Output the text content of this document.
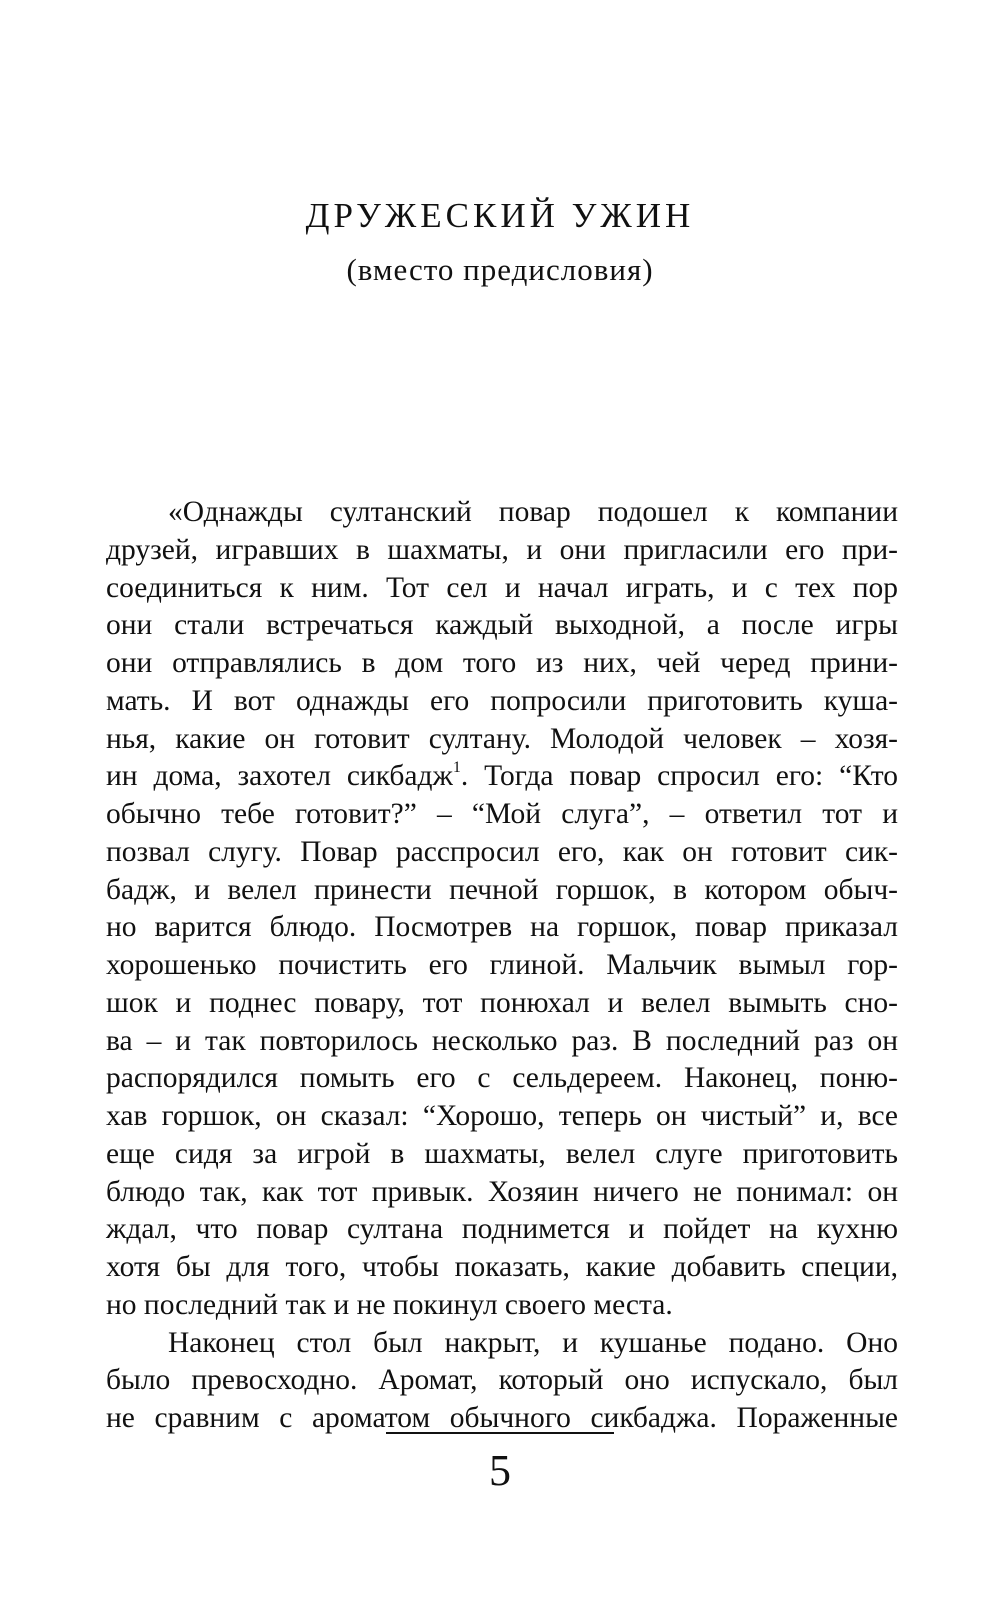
ДРУЖЕСКИЙ УЖИН

(вместо предисловия)

«Однажды султанский повар подошел к компании
друзей, игравших в шахматы, и они пригласили его при-
соединиться к ним. Тот сел и начал играть, и с тех пор
они стали встречаться каждый выходной, а после игры
они отправлялись в дом того из них, чей черед прини-
мать. И вот однажды его попросили приготовить куша-
нья, какие он готовит султану. Молодой человек – хозя-
ин дома, захотел сикбадж$^1$. Тогда повар спросил его: “Кто
обычно тебе готовит?” – “Мой слуга”, – ответил тот и
позвал слугу. Повар расспросил его, как он готовит сик-
бадж, и велел принести печной горшок, в котором обыч-
но варится блюдо. Посмотрев на горшок, повар приказал
хорошенько почистить его глиной. Мальчик вымыл гор-
шок и поднес повару, тот понюхал и велел вымыть сно-
ва – и так повторилось несколько раз. В последний раз он
распорядился помыть его с сельдереем. Наконец, поню-
хав горшок, он сказал: “Хорошо, теперь он чистый” и, все
еще сидя за игрой в шахматы, велел слуге приготовить
блюдо так, как тот привык. Хозяин ничего не понимал: он
ждал, что повар султана поднимется и пойдет на кухню
хотя бы для того, чтобы показать, какие добавить специи,
но последний так и не покинул своего места.
Наконец стол был накрыт, и кушанье подано. Оно
было превосходно. Аромат, который оно испускало, был
не сравним с ароматом обычного сикбаджа. Пораженные
5
